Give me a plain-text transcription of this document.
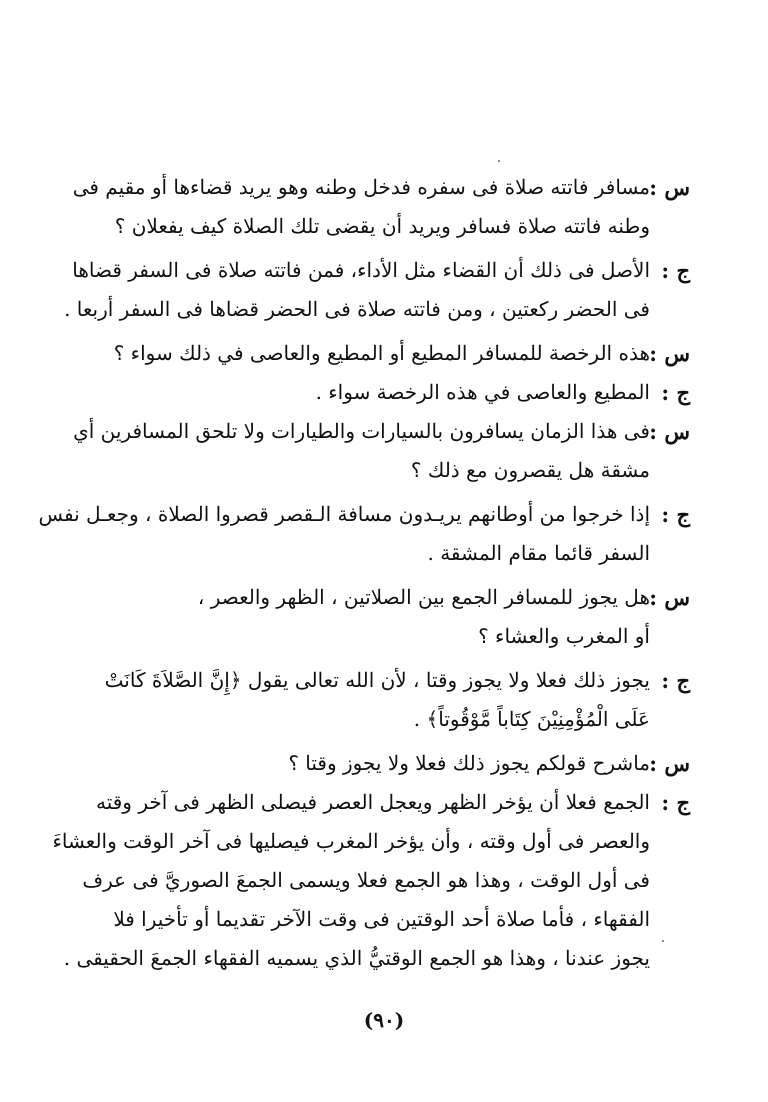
س :
مسافر فاتته صلاة فى سفره فدخل وطنه وهو يريد قضاءها أو مقيم فى
وطنه فاتته صلاة فسافر ويريد أن يقضى تلك الصلاة كيف يفعلان ؟
ج :
الأصل فى ذلك أن القضاء مثل الأداء، فمن فاتته صلاة فى السفر قضاها
فى الحضر ركعتين ، ومن فاتته صلاة فى الحضر قضاها فى السفر أربعا .
س :
هذه الرخصة للمسافر المطيع أو المطيع والعاصى في ذلك سواء ؟
ج :
المطيع والعاصى في هذه الرخصة سواء .
س :
فى هذا الزمان يسافرون بالسيارات والطيارات ولا تلحق المسافرين أي
مشقة هل يقصرون مع ذلك ؟
ج :
إذا خرجوا من أوطانهم يريـدون مسافة الـقصر قصروا الصلاة ، وجعـل نفس
السفر قائما مقام المشقة .
س :
هل يجوز للمسافر الجمع بين الصلاتين ، الظهر والعصر ،
أو المغرب والعشاء ؟
ج :
يجوز ذلك فعلا ولا يجوز وقتا ، لأن الله تعالى يقول ﴿إِنَّ الصَّلاَةَ كَانَتْ
عَلَى الْمُؤْمِنِيْنَ كِتَاباً مَّوْقُوتاً﴾ .
س :
ماشرح قولكم يجوز ذلك فعلا ولا يجوز وقتا ؟
ج :
الجمع فعلا أن يؤخر الظهر ويعجل العصر فيصلى الظهر فى آخر وقته
والعصر فى أول وقته ، وأن يؤخر المغرب فيصليها فى آخر الوقت والعشاءَ
فى أول الوقت ، وهذا هو الجمع فعلا ويسمى الجمعَ الصوريَّ فى عرف
الفقهاء ، فأما صلاة أحد الوقتين فى وقت الآخر تقديما أو تأخيرا فلا
يجوز عندنا ، وهذا هو الجمع الوقتيُّ الذي يسميه الفقهاء الجمعَ الحقيقى .
(٩٠)
